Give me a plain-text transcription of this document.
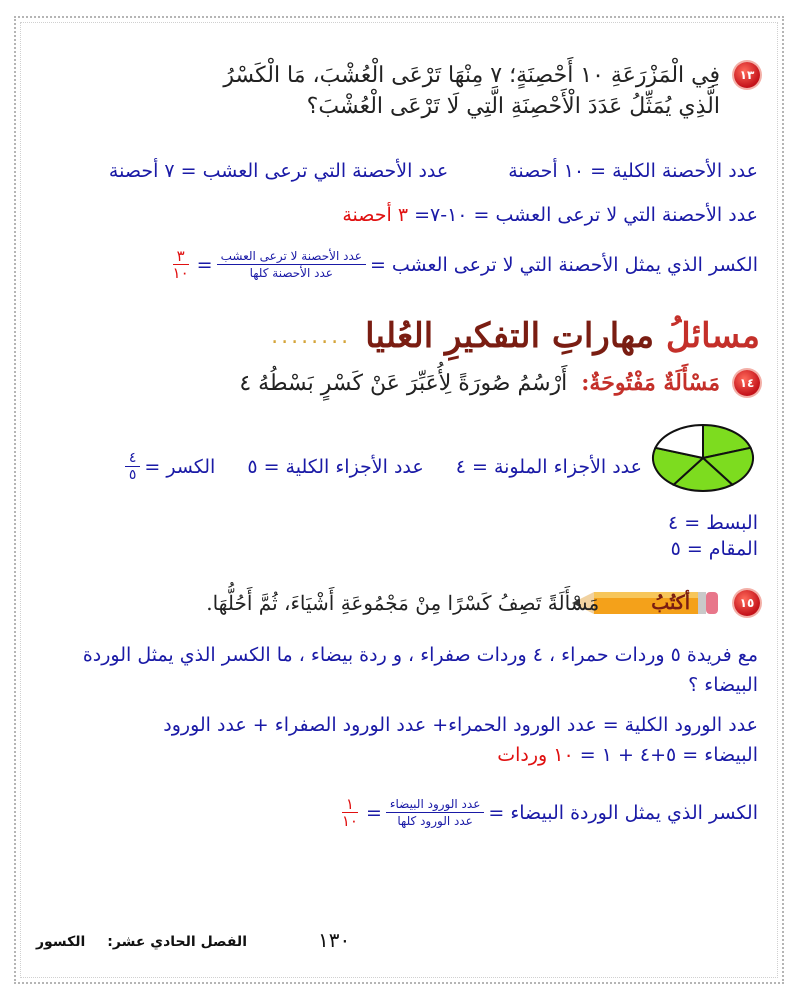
١٣
فِي الْمَزْرَعَةِ ١٠ أَحْصِنَةٍ؛ ٧ مِنْهَا تَرْعَى الْعُشْبَ، مَا الْكَسْرُ
الَّذِي يُمَثِّلُ عَدَدَ الْأَحْصِنَةِ الَّتِي لَا تَرْعَى الْعُشْبَ؟
عدد الأحصنة الكلية = ١٠ أحصنة
عدد الأحصنة التي ترعى العشب = ٧ أحصنة
عدد الأحصنة التي لا ترعى العشب = ١٠-٧= ٣ أحصنة
الكسر الذي يمثل الأحصنة التي لا ترعى العشب =
$\frac{\text{عدد الأحصنة لا ترعى العشب}}{\text{عدد الأحصنة كلها}}$
=
$\frac{٣}{١٠}$
مسائلُ مهاراتِ التفكيرِ العُليا
........
١٤
مَسْأَلَةٌ مَفْتُوحَةٌ:
أَرْسُمُ صُورَةً لِأُعَبِّرَ عَنْ كَسْرٍ بَسْطُهُ ٤
عدد الأجزاء الملونة = ٤
عدد الأجزاء الكلية = ٥
الكسر =
$\frac{٤}{٥}$
البسط = ٤
المقام = ٥
١٥
أكتُبُ
مَسْأَلَةً تَصِفُ كَسْرًا مِنْ مَجْمُوعَةِ أَشْيَاءَ، ثُمَّ أَحُلُّهَا.
مع فريدة ٥ وردات حمراء ، ٤ وردات صفراء ، و ردة بيضاء ، ما الكسر الذي يمثل الوردة البيضاء ؟
عدد الورود الكلية = عدد الورود الحمراء+ عدد الورود الصفراء + عدد الورود
البيضاء = ٥+٤ + ١ = ١٠ وردات
الكسر الذي يمثل الوردة البيضاء =
$\frac{\text{عدد الورود البيضاء}}{\text{عدد الورود كلها}}$
=
$\frac{١}{١٠}$
١٣٠
الفصل الحادي عشر:
الكسور
